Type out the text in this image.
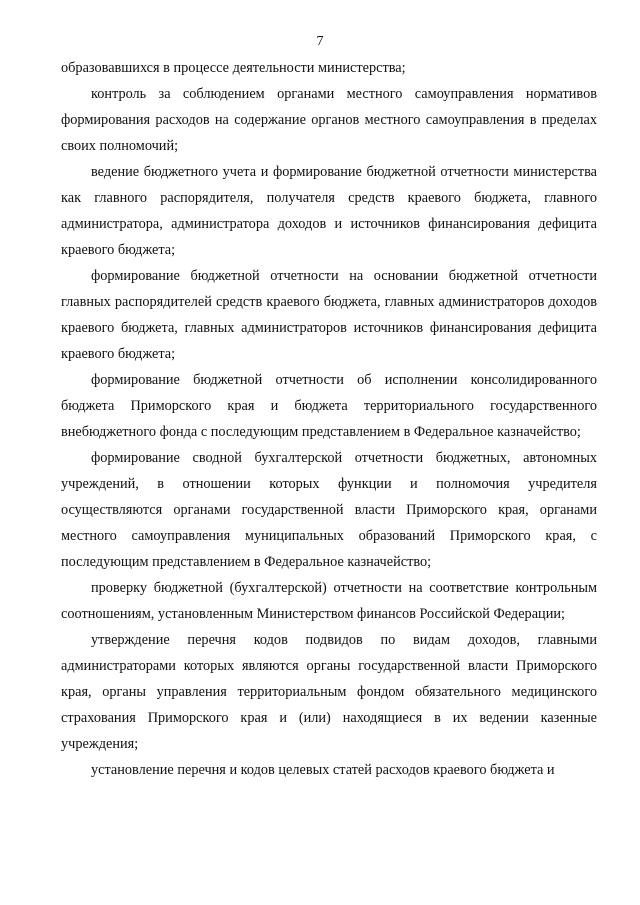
7

образовавшихся в процессе деятельности министерства;

контроль за соблюдением органами местного самоуправления нормативов формирования расходов на содержание органов местного самоуправления в пределах своих полномочий;

ведение бюджетного учета и формирование бюджетной отчетности министерства как главного распорядителя, получателя средств краевого бюджета, главного администратора, администратора доходов и источников финансирования дефицита краевого бюджета;

формирование бюджетной отчетности на основании бюджетной отчетности главных распорядителей средств краевого бюджета, главных администраторов доходов краевого бюджета, главных администраторов источников финансирования дефицита краевого бюджета;

формирование бюджетной отчетности об исполнении консолидированного бюджета Приморского края и бюджета территориального государственного внебюджетного фонда с последующим представлением в Федеральное казначейство;

формирование сводной бухгалтерской отчетности бюджетных, автономных учреждений, в отношении которых функции и полномочия учредителя осуществляются органами государственной власти Приморского края, органами местного самоуправления муниципальных образований Приморского края, с последующим представлением в Федеральное казначейство;

проверку бюджетной (бухгалтерской) отчетности на соответствие контрольным соотношениям, установленным Министерством финансов Российской Федерации;

утверждение перечня кодов подвидов по видам доходов, главными администраторами которых являются органы государственной власти Приморского края, органы управления территориальным фондом обязательного медицинского страхования Приморского края и (или) находящиеся в их ведении казенные учреждения;

установление перечня и кодов целевых статей расходов краевого бюджета и
